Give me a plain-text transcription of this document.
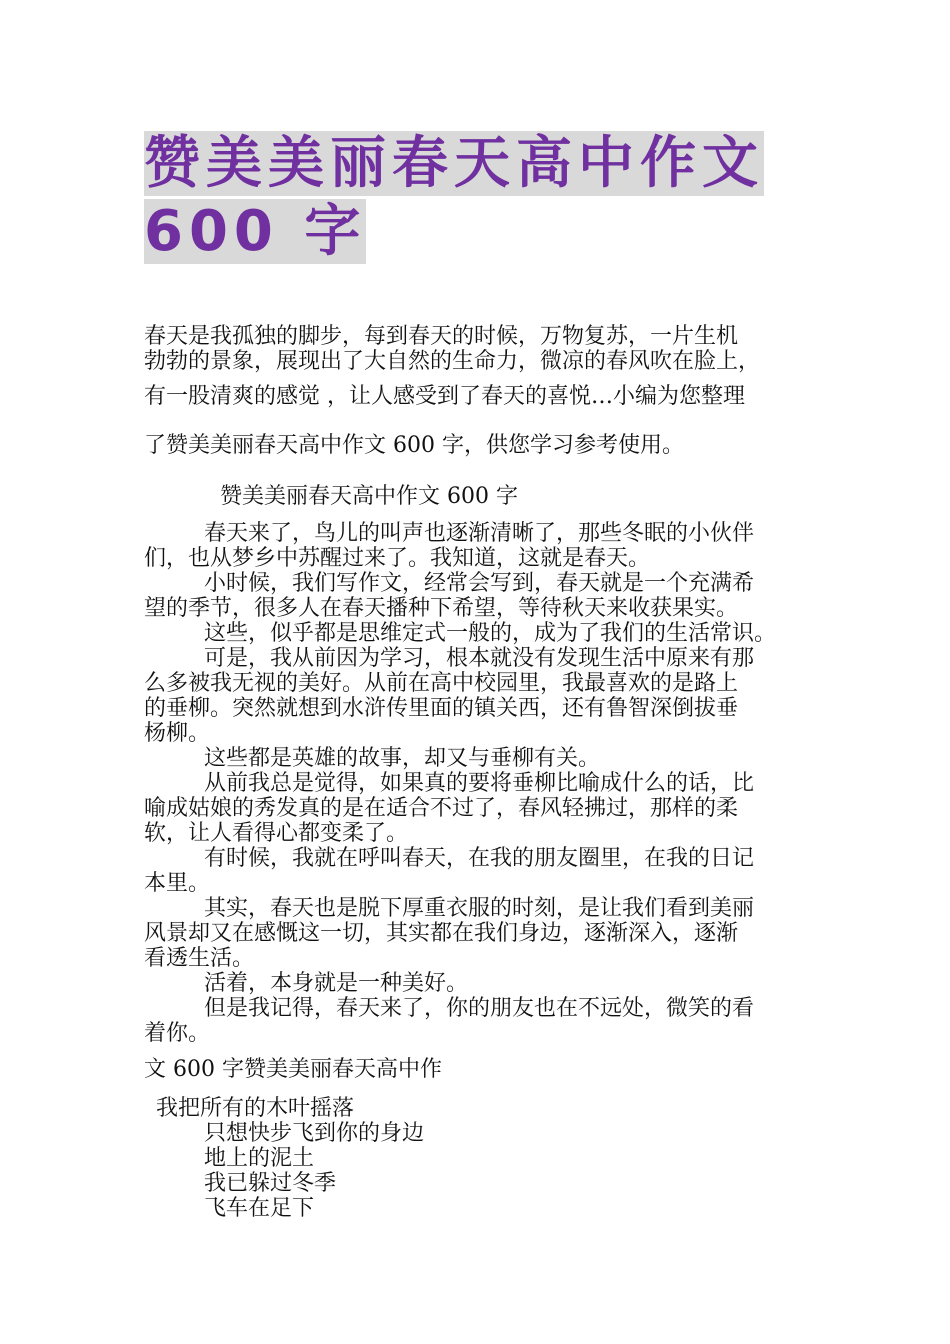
赞美美丽春天高中作文
600 字
春天是我孤独的脚步，每到春天的时候，万物复苏，一片生机
勃勃的景象，展现出了大自然的生命力，微凉的春风吹在脸上，
有一股清爽的感觉 ，让人感受到了春天的喜悦…小编为您整理
了赞美美丽春天高中作文 600 字，供您学习参考使用。
赞美美丽春天高中作文 600 字
春天来了，鸟儿的叫声也逐渐清晰了，那些冬眠的小伙伴
们，也从梦乡中苏醒过来了。我知道，这就是春天。
小时候，我们写作文，经常会写到，春天就是一个充满希
望的季节，很多人在春天播种下希望，等待秋天来收获果实。
这些，似乎都是思维定式一般的，成为了我们的生活常识。
可是，我从前因为学习，根本就没有发现生活中原来有那
么多被我无视的美好。从前在高中校园里，我最喜欢的是路上
的垂柳。突然就想到水浒传里面的镇关西，还有鲁智深倒拔垂
杨柳。
这些都是英雄的故事，却又与垂柳有关。
从前我总是觉得，如果真的要将垂柳比喻成什么的话，比
喻成姑娘的秀发真的是在适合不过了，春风轻拂过，那样的柔
软，让人看得心都变柔了。
有时候，我就在呼叫春天，在我的朋友圈里，在我的日记
本里。
其实，春天也是脱下厚重衣服的时刻，是让我们看到美丽
风景却又在感慨这一切，其实都在我们身边，逐渐深入，逐渐
看透生活。
活着，本身就是一种美好。
但是我记得，春天来了，你的朋友也在不远处，微笑的看
着你。
文 600 字赞美美丽春天高中作
我把所有的木叶摇落
只想快步飞到你的身边
地上的泥土
我已躲过冬季
飞车在足下
